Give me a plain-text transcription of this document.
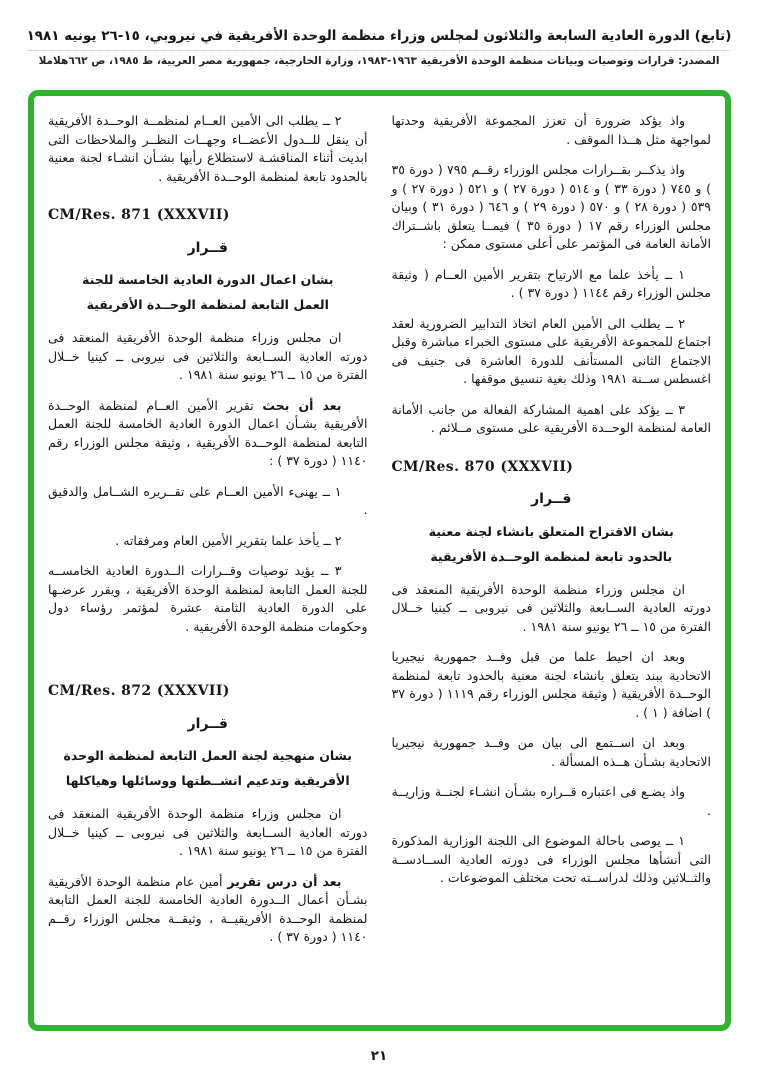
(تابع) الدورة العادية السابعة والثلاثون لمجلس وزراء منظمة الوحدة الأفريقية في نيروبي، ١٥-٢٦ يونيه ١٩٨١
المصدر: قرارات وتوصيات وبيانات منظمة الوحدة الأفريقية ١٩٦٣-١٩٨٣، وزارة الخارجية، جمهورية مصر العربية، ط ١٩٨٥، ص ٦٦٢هلاملا

واذ يؤكد ضرورة أن تعزز المجموعة الأفريقية وحدتها لمواجهة مثل هــذا الموقف .

واذ يذكــر بقــرارات مجلس الوزراء رقــم ٧٩٥ ( دورة ٣٥ ) و ٧٤٥ ( دورة ٣٣ ) و ٥١٤ ( دورة ٢٧ ) و ٥٢١ ( دورة ٢٧ ) و ٥٣٩ ( دورة ٢٨ ) و ٥٧٠ ( دورة ٢٩ ) و ٦٤٦ ( دورة ٣١ ) وبيان مجلس الوزراء رقم ١٧ ( دورة ٣٥ ) فيمــا يتعلق باشــتراك الأمانة العامة فى المؤتمر على أعلى مستوى ممكن :

١ ــ يأخذ علما مع الارتياح بتقرير الأمين العــام ( وثيقة مجلس الوزراء رقم ١١٤٤ ( دورة ٣٧ ) .

٢ ــ يطلب الى الأمين العام اتخاذ التدابير الضرورية لعقد اجتماع للمجموعة الأفريقية على مستوى الخبراء مباشرة وقبل الاجتماع الثانى المستأنف للدورة العاشرة فى جنيف فى اغسطس ســنة ١٩٨١ وذلك بغية تنسيق موقفها .

٣ ــ يؤكد على اهمية المشاركة الفعالة من جانب الأمانة العامة لمنظمة الوحــدة الأفريقية على مستوى مــلائم .

CM/Res. 870 (XXXVII)

قــرار

بشان الاقتراح المتعلق بانشاء لجنة معنية

بالحدود تابعة لمنظمة الوحــدة الأفريقية

ان مجلس وزراء منظمة الوحدة الأفريقية المنعقد فى دورته العادية الســابعة والثلاثين فى نيروبى ــ كينيا خــلال الفترة من ١٥ ــ ٢٦ يونيو سنة ١٩٨١ .

وبعد ان احيط علما من قبل وفــد جمهورية نيجيريا الاتحادية ببند يتعلق بانشاء لجنة معنية بالحدود تابعة لمنظمة الوحــدة الأفريقية ( وثيقة مجلس الوزراء رقم ١١١٩ ( دورة ٣٧ ) اضافة ( ١ ) .

وبعد ان اســتمع الى بيان من وفــد جمهورية نيجيريا الاتحادية بشـأن هــذه المسألة .

واذ يضـع فى اعتباره قــراره بشـأن انشـاء لجنــة وزاريــة .

١ ــ يوصى باحالة الموضوع الى اللجنة الوزارية المذكورة التى أنشأها مجلس الوزراء فى دورته العادية الســادســة والثــلاثين وذلك لدراســته تحت مختلف الموضوعات .

٢ ــ يطلب الى الأمين العــام لمنظمــة الوحــدة الأفريقية أن ينقل للــدول الأعضــاء وجهــات النظــر والملاحظات التى ابديت أثناء المناقشـة لاستطلاع رأيها بشـأن انشـاء لجنة معنية بالحدود تابعة لمنظمة الوحــدة الأفريقية .

CM/Res. 871 (XXXVII)

قــرار

بشان اعمال الدورة العادية الخامسة للجنة

العمل التابعة لمنظمة الوحــدة الأفريقية

ان مجلس وزراء منظمة الوحدة الأفريقية المنعقد فى دورته العادية الســابعة والثلاثين فى نيروبى ــ كينيا خــلال الفترة من ١٥ ــ ٢٦ يونيو سنة ١٩٨١ .

بعد أن بحث تقرير الأمين العــام لمنظمة الوحــدة الأفريقية بشـأن اعمال الدورة العادية الخامسة للجنة العمل التابعة لمنظمة الوحــدة الأفريقية ، وثيقة مجلس الوزراء رقم ١١٤٠ ( دورة ٣٧ ) :

١ ــ يهنىء الأمين العــام على تقــريره الشــامل والدقيق .

٢ ــ يأخذ علما بتقرير الأمين العام ومرفقاته .

٣ ــ يؤيد توصيات وقــرارات الــدورة العادية الخامســه للجنة العمل التابعة لمنظمة الوحدة الأفريقية ، ويقرر عرضـها على الدورة العادية الثامنة عشرة لمؤتمر رؤساء دول وحكومات منظمة الوحدة الأفريقية .

CM/Res. 872 (XXXVII)

قــرار

بشان منهجية لجنة العمل التابعة لمنظمة الوحدة

الأفريقية وتدعيم انشــطتها ووسائلها وهياكلها

ان مجلس وزراء منظمة الوحدة الأفريقية المنعقد فى دورته العادية الســابعة والثلاثين فى نيروبى ــ كينيا خــلال الفترة من ١٥ ــ ٢٦ يونيو سنة ١٩٨١ .

بعد أن درس تقرير أمين عام منظمة الوحدة الأفريقية بشـأن أعمال الــدورة العادية الخامسة للجنة العمل التابعة لمنظمة الوحــدة الأفريقيــة ، وثيقــة مجلس الوزراء رقــم ١١٤٠ ( دورة ٣٧ ) .

٢١
